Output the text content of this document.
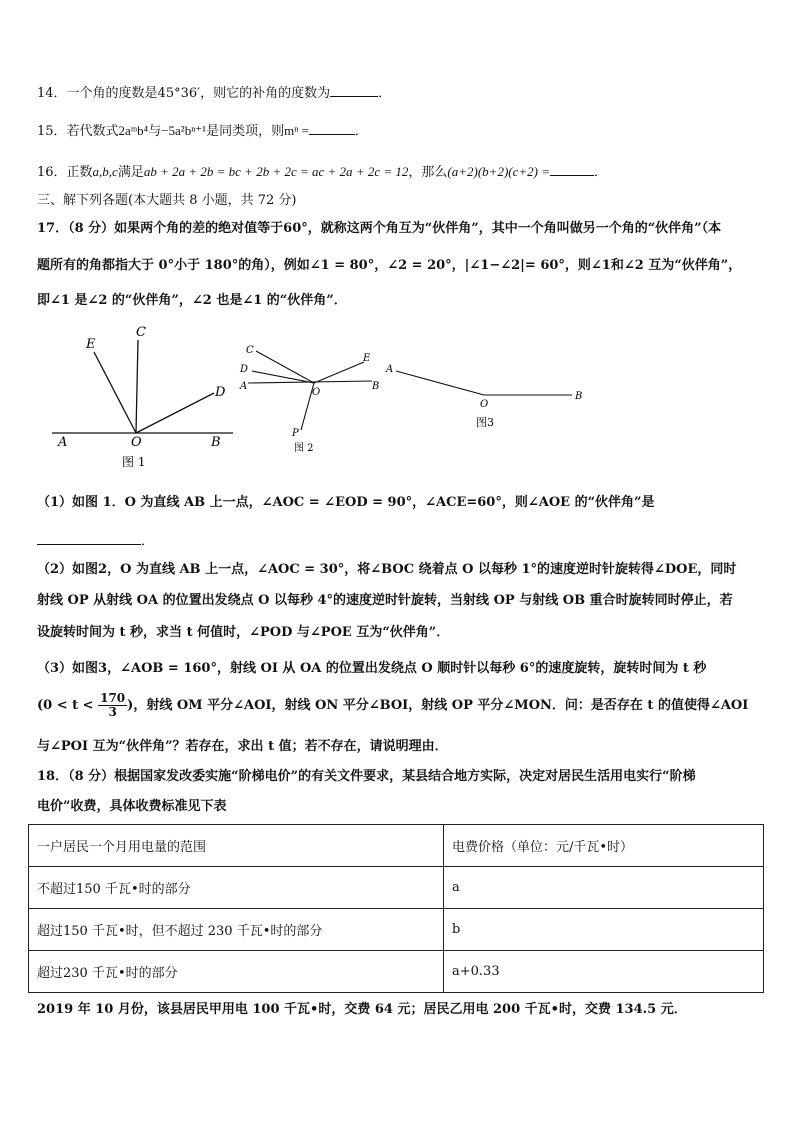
14．一个角的度数是45°36′，则它的补角的度数为	．
15．若代数式2aᵐb⁴与−5a²bⁿ⁺¹是同类项，则mⁿ =	．
16．正数a,b,c满足ab + 2a + 2b = bc + 2b + 2c = ac + 2a + 2c = 12，那么(a+2)(b+2)(c+2) =	．
三、解下列各题(本大题共 8 小题，共 72 分)
17．（8 分）如果两个角的差的绝对值等于60°，就称这两个角互为“伙伴角”，其中一个角叫做另一个角的“伙伴角”（本
题所有的角都指大于 0°小于 180°的角），例如∠1 = 80°，∠2 = 20°，|∠1−∠2|= 60°，则∠1和∠2 互为“伙伴角”，
即∠1 是∠2 的“伙伴角”，∠2 也是∠1 的“伙伴角”．
E
C
D
A	O	B
图 1
C
D
A
E
O
B
P
图 2
A
O
B
图3
（1）如图 1．O 为直线 AB 上一点，∠AOC = ∠EOD = 90°，∠ACE=60°，则∠AOE 的“伙伴角”是
．
（2）如图2，O 为直线 AB 上一点，∠AOC = 30°，将∠BOC 绕着点 O 以每秒 1°的速度逆时针旋转得∠DOE，同时
射线 OP 从射线 OA 的位置出发绕点 O 以每秒 4°的速度逆时针旋转，当射线 OP 与射线 OB 重合时旋转同时停止，若
设旋转时间为 t 秒，求当 t 何值时，∠POD 与∠POE 互为“伙伴角”．
（3）如图3，∠AOB = 160°，射线 OI 从 OA 的位置出发绕点 O 顺时针以每秒 6°的速度旋转，旋转时间为 t 秒
($0 < t < \frac{170}{3}$ )，射线 OM 平分∠AOI，射线 ON 平分∠BOI，射线 OP 平分∠MON．问：是否存在 t 的值使得∠AOI
与∠POI 互为“伙伴角”？若存在，求出 t 值；若不存在，请说明理由．
18．（8 分）根据国家发改委实施“阶梯电价”的有关文件要求，某县结合地方实际，决定对居民生活用电实行“阶梯
电价”收费，具体收费标准见下表
一户居民一个月用电量的范围	电费价格（单位：元/千瓦•时）
不超过150 千瓦•时的部分	a
超过150 千瓦•时，但不超过 230 千瓦•时的部分	b
超过230 千瓦•时的部分	a+0.33
2019 年 10 月份，该县居民甲用电 100 千瓦•时，交费 64 元；居民乙用电 200 千瓦•时，交费 134.5 元．
